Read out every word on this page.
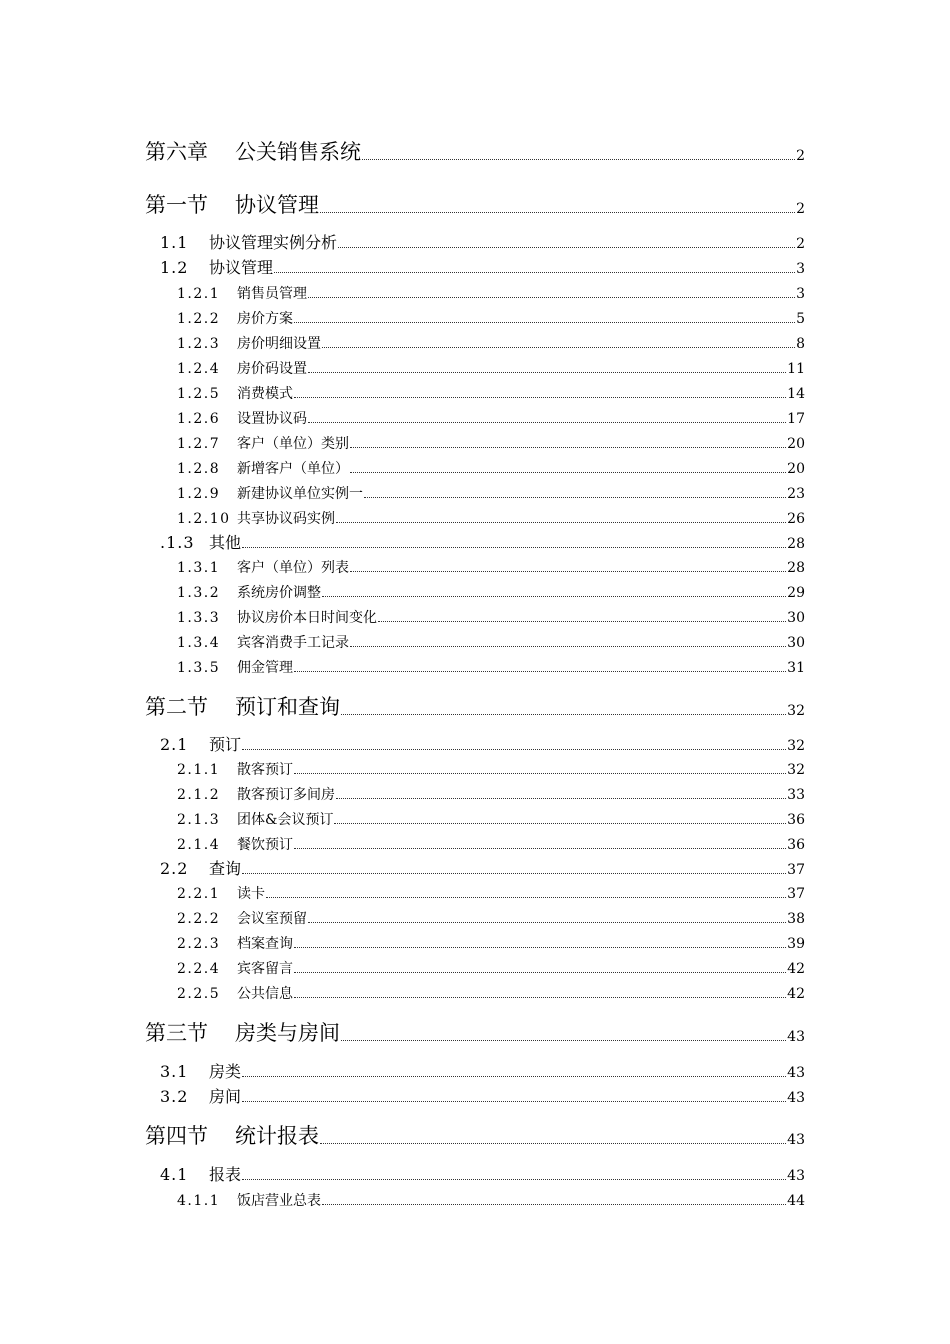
第六章	公关销售系统	2
第一节	协议管理	2
1.1	协议管理实例分析	2
1.2	协议管理	3
1.2.1	销售员管理	3
1.2.2	房价方案	5
1.2.3	房价明细设置	8
1.2.4	房价码设置	11
1.2.5	消费模式	14
1.2.6	设置协议码	17
1.2.7	客户（单位）类别	20
1.2.8	新增客户（单位）	20
1.2.9	新建协议单位实例一	23
1.2.10 共享协议码实例	26
.1.3 其他	28
1.3.1	客户（单位）列表	28
1.3.2	系统房价调整	29
1.3.3	协议房价本日时间变化	30
1.3.4	宾客消费手工记录	30
1.3.5	佣金管理	31
第二节	预订和查询	32
2.1	预订	32
2.1.1	散客预订	32
2.1.2	散客预订多间房	33
2.1.3	团体&会议预订	36
2.1.4	餐饮预订	36
2.2	查询	37
2.2.1	读卡	37
2.2.2	会议室预留	38
2.2.3	档案查询	39
2.2.4	宾客留言	42
2.2.5	公共信息	42
第三节	房类与房间	43
3.1	房类	43
3.2	房间	43
第四节	统计报表	43
4.1	报表	43
4.1.1	饭店营业总表	44
